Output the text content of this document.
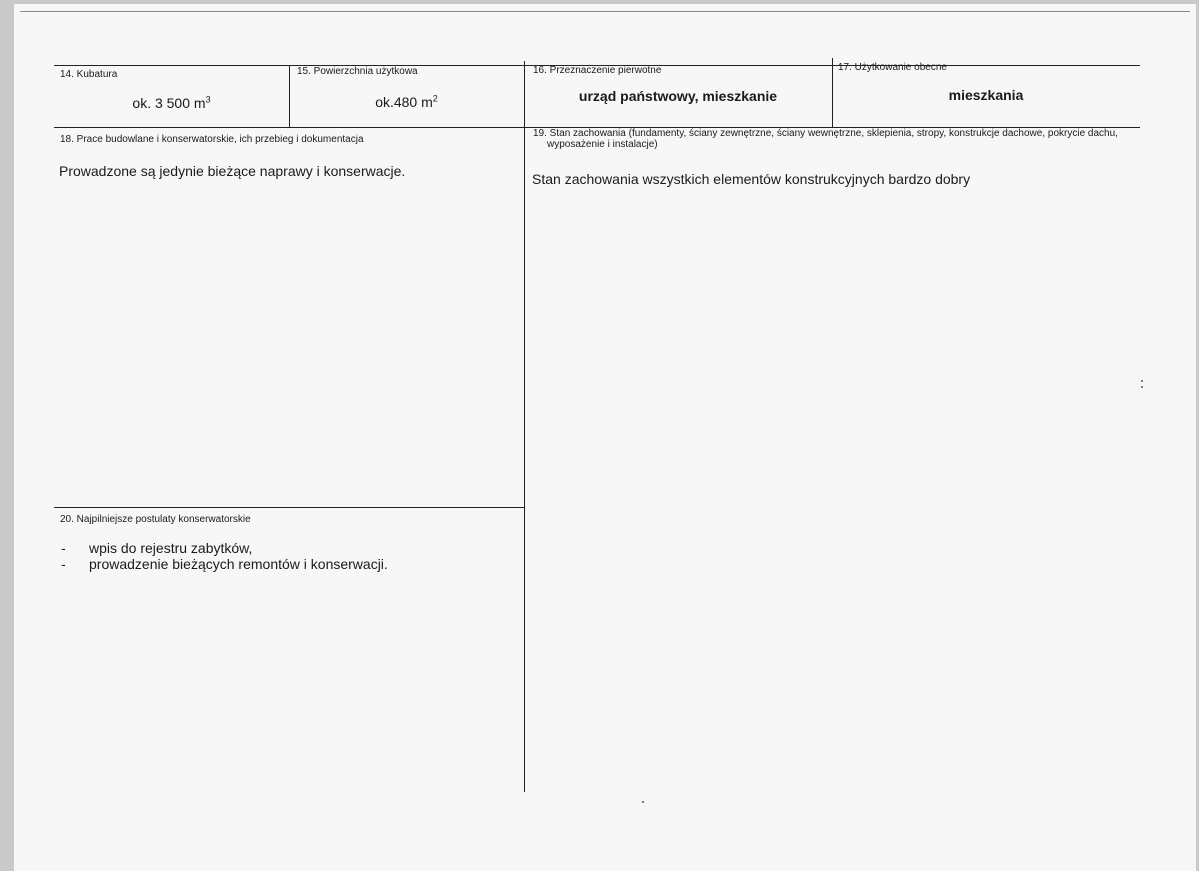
14. Kubatura
ok. 3 500 $m^3$
15. Powierzchnia użytkowa
ok.480 $m^2$
16. Przeznaczenie pierwotne
urząd państwowy, mieszkanie
17. Użytkowanie obecne
mieszkania
18. Prace budowlane i konserwatorskie, ich przebieg i dokumentacja
Prowadzone są jedynie bieżące naprawy i konserwacje.
19. Stan zachowania (fundamenty, ściany zewnętrzne, ściany wewnętrzne, sklepienia, stropy, konstrukcje dachowe, pokrycie dachu, wyposażenie i instalacje)
Stan zachowania wszystkich elementów konstrukcyjnych bardzo dobry
20. Najpilniejsze postulaty konserwatorskie
- wpis do rejestru zabytków,
- prowadzenie bieżących remontów i konserwacji.
